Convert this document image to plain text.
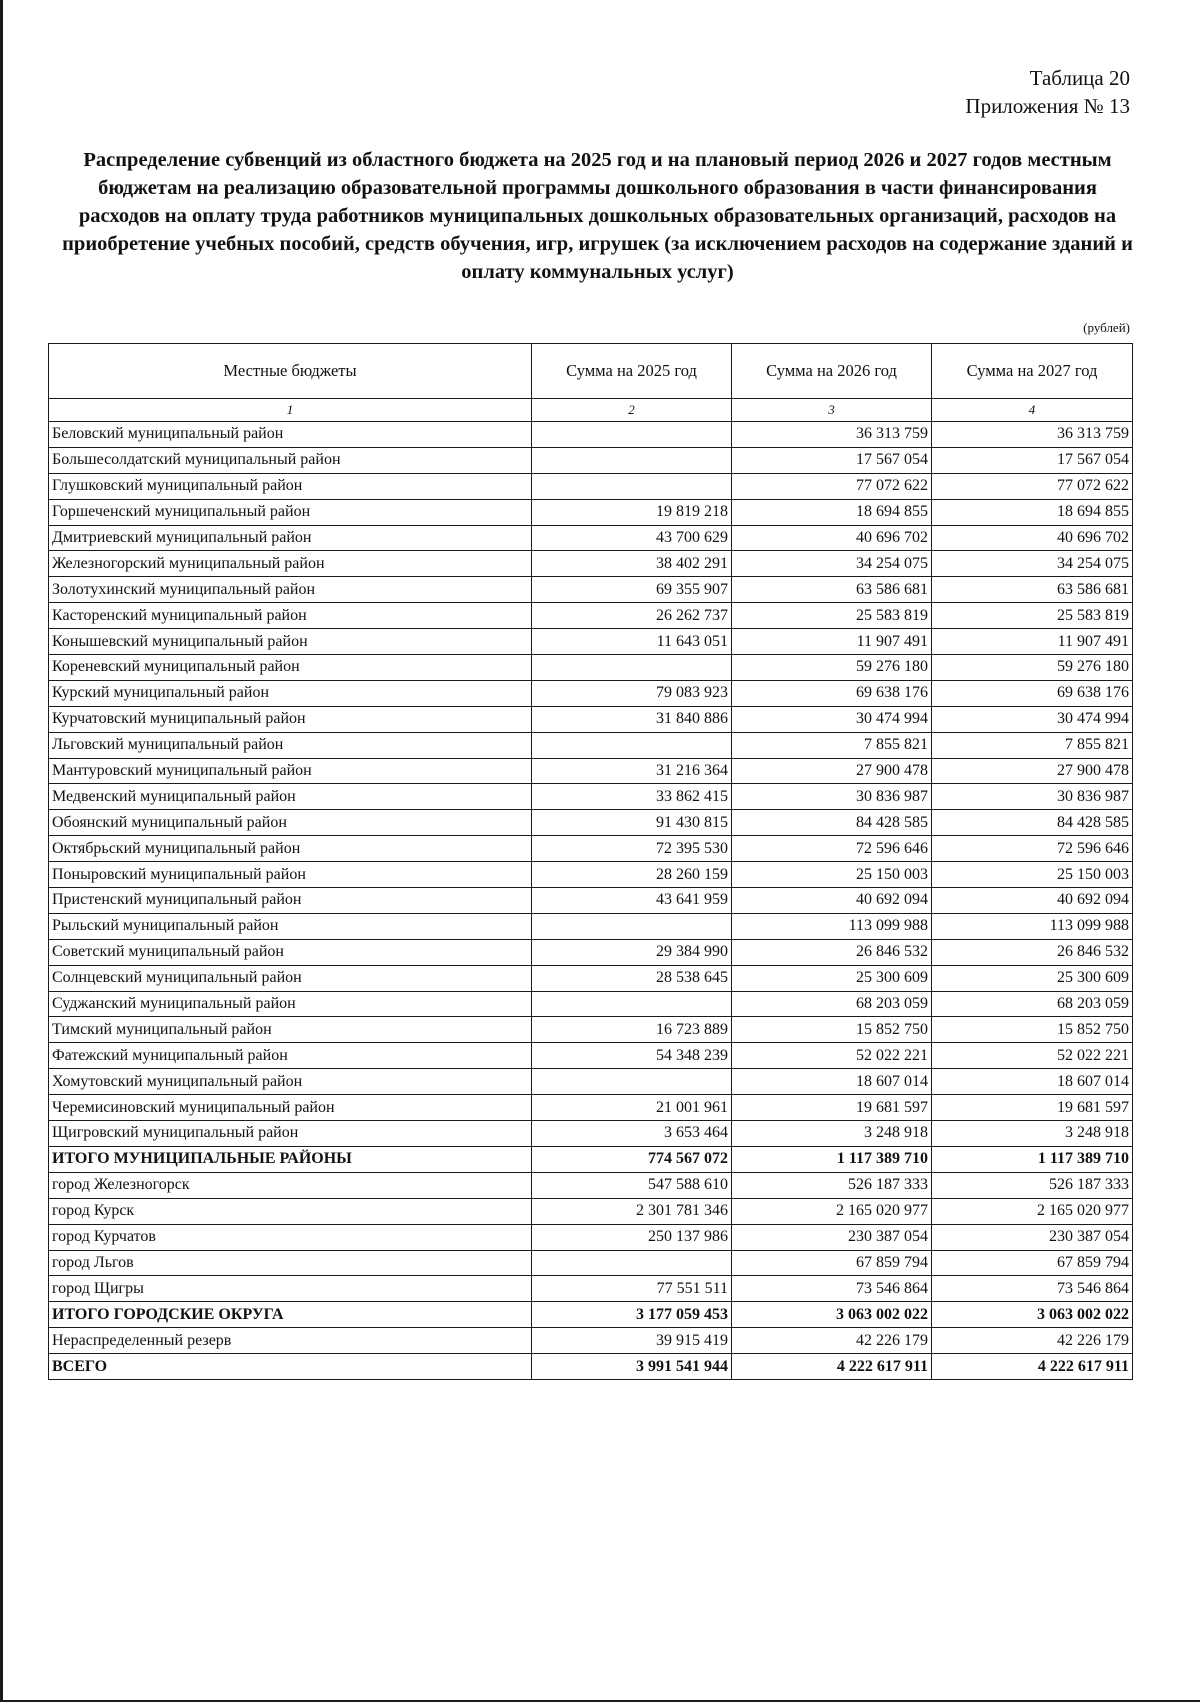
Таблица 20
Приложения № 13
Распределение субвенций из областного бюджета на 2025 год и на плановый период 2026 и 2027 годов местным бюджетам на реализацию образовательной программы дошкольного образования в части финансирования расходов на оплату труда работников муниципальных дошкольных образовательных организаций, расходов на приобретение учебных пособий, средств обучения, игр, игрушек (за исключением расходов на содержание зданий и оплату коммунальных услуг)
(рублей)
Местные бюджеты	Сумма на 2025 год	Сумма на 2026 год	Сумма на 2027 год
1	2	3	4
Беловский муниципальный район		36 313 759	36 313 759
Большесолдатский муниципальный район		17 567 054	17 567 054
Глушковский муниципальный район		77 072 622	77 072 622
Горшеченский муниципальный район	19 819 218	18 694 855	18 694 855
Дмитриевский муниципальный район	43 700 629	40 696 702	40 696 702
Железногорский муниципальный район	38 402 291	34 254 075	34 254 075
Золотухинский муниципальный район	69 355 907	63 586 681	63 586 681
Касторенский муниципальный район	26 262 737	25 583 819	25 583 819
Конышевский муниципальный район	11 643 051	11 907 491	11 907 491
Кореневский муниципальный район		59 276 180	59 276 180
Курский муниципальный район	79 083 923	69 638 176	69 638 176
Курчатовский муниципальный район	31 840 886	30 474 994	30 474 994
Льговский муниципальный район		7 855 821	7 855 821
Мантуровский муниципальный район	31 216 364	27 900 478	27 900 478
Медвенский муниципальный район	33 862 415	30 836 987	30 836 987
Обоянский муниципальный район	91 430 815	84 428 585	84 428 585
Октябрьский муниципальный район	72 395 530	72 596 646	72 596 646
Поныровский муниципальный район	28 260 159	25 150 003	25 150 003
Пристенский муниципальный район	43 641 959	40 692 094	40 692 094
Рыльский муниципальный район		113 099 988	113 099 988
Советский муниципальный район	29 384 990	26 846 532	26 846 532
Солнцевский муниципальный район	28 538 645	25 300 609	25 300 609
Суджанский муниципальный район		68 203 059	68 203 059
Тимский муниципальный район	16 723 889	15 852 750	15 852 750
Фатежский муниципальный район	54 348 239	52 022 221	52 022 221
Хомутовский муниципальный район		18 607 014	18 607 014
Черемисиновский муниципальный район	21 001 961	19 681 597	19 681 597
Щигровский муниципальный район	3 653 464	3 248 918	3 248 918
ИТОГО МУНИЦИПАЛЬНЫЕ РАЙОНЫ	774 567 072	1 117 389 710	1 117 389 710
город Железногорск	547 588 610	526 187 333	526 187 333
город Курск	2 301 781 346	2 165 020 977	2 165 020 977
город Курчатов	250 137 986	230 387 054	230 387 054
город Льгов		67 859 794	67 859 794
город Щигры	77 551 511	73 546 864	73 546 864
ИТОГО ГОРОДСКИЕ ОКРУГА	3 177 059 453	3 063 002 022	3 063 002 022
Нераспределенный резерв	39 915 419	42 226 179	42 226 179
ВСЕГО	3 991 541 944	4 222 617 911	4 222 617 911
